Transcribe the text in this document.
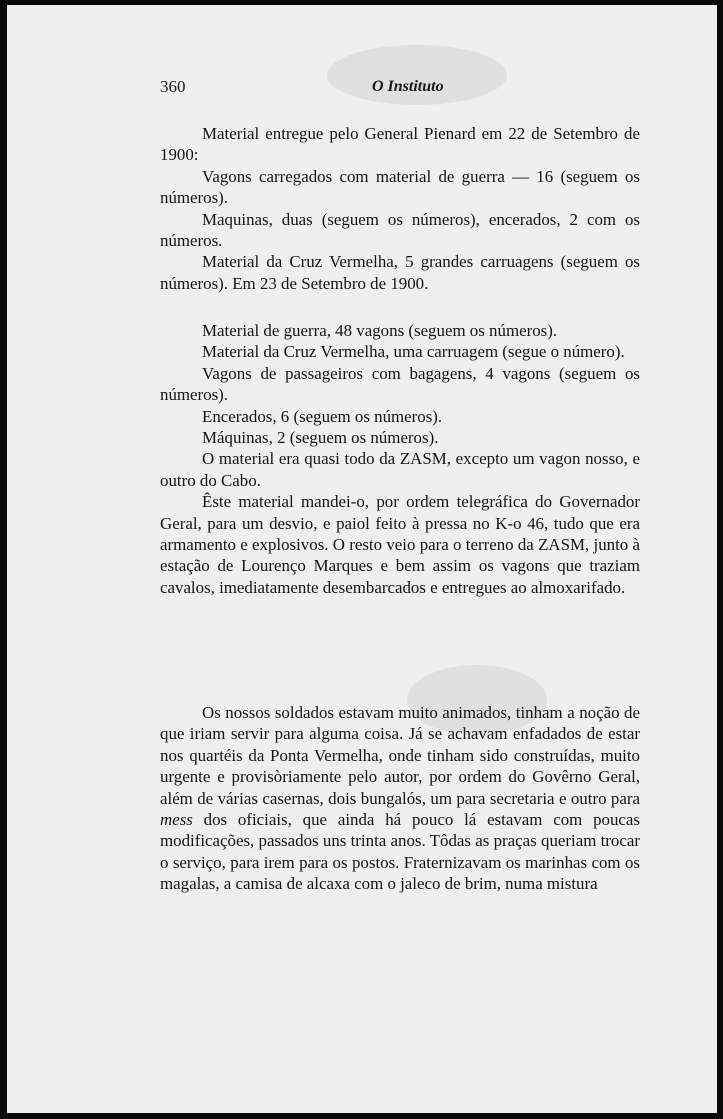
360	O Instituto

Material entregue pelo General Pienard em 22 de Setembro de 1900:

Vagons carregados com material de guerra — 16 (seguem os números).

Maquinas, duas (seguem os números), encerados, 2 com os números.

Material da Cruz Vermelha, 5 grandes carruagens (seguem os números). Em 23 de Setembro de 1900.

Material de guerra, 48 vagons (seguem os números).

Material da Cruz Vermelha, uma carruagem (segue o número).

Vagons de passageiros com bagagens, 4 vagons (seguem os números).

Encerados, 6 (seguem os números).

Máquinas, 2 (seguem os números).

O material era quasi todo da ZASM, excepto um vagon nosso, e outro do Cabo.

Êste material mandei-o, por ordem telegráfica do Governador Geral, para um desvio, e paiol feito à pressa no K-o 46, tudo que era armamento e explosivos. O resto veio para o terreno da ZASM, junto à estação de Lourenço Marques e bem assim os vagons que traziam cavalos, imediatamente desembarcados e entregues ao almoxarifado.

Os nossos soldados estavam muito animados, tinham a noção de que iriam servir para alguma coisa. Já se achavam enfadados de estar nos quartéis da Ponta Vermelha, onde tinham sido construídas, muito urgente e provisòriamente pelo autor, por ordem do Govêrno Geral, além de várias casernas, dois bungalós, um para secretaria e outro para mess dos oficiais, que ainda há pouco lá estavam com poucas modificações, passados uns trinta anos. Tôdas as praças queriam trocar o serviço, para irem para os postos. Fraternizavam os marinhas com os magalas, a camisa de alcaxa com o jaleco de brim, numa mistura
